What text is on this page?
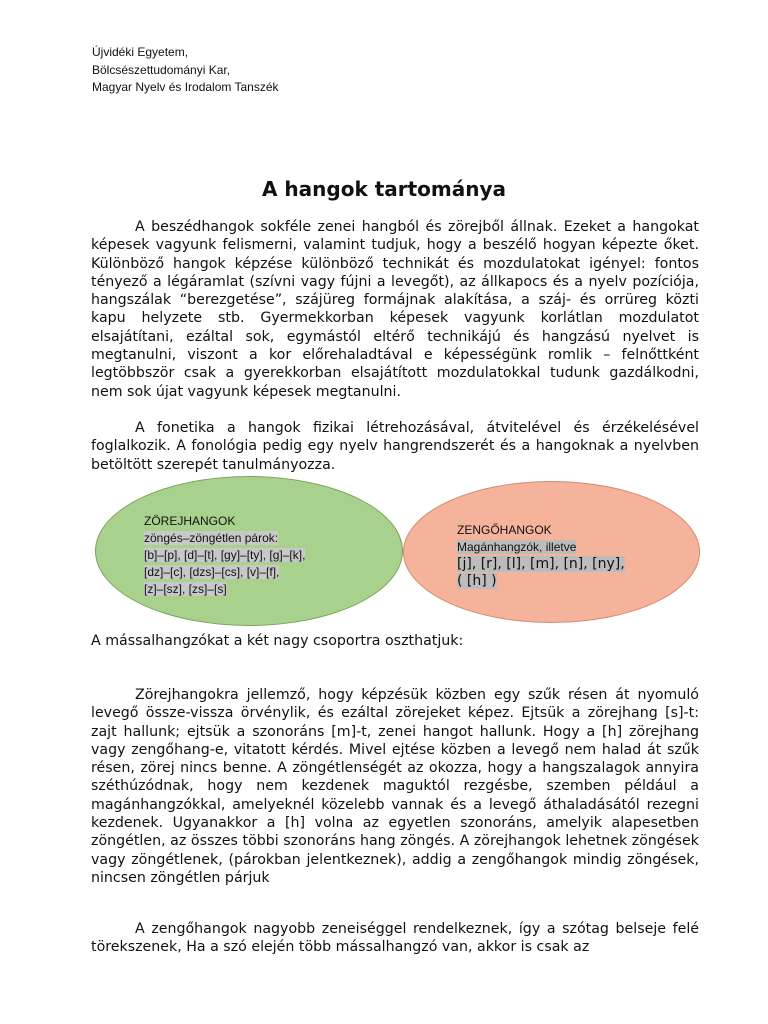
Újvidéki Egyetem,
Bölcsészettudományi Kar,
Magyar Nyelv és Irodalom Tanszék
A hangok tartománya

A beszédhangok sokféle zenei hangból és zörejből állnak. Ezeket a hangokat képesek vagyunk felismerni, valamint tudjuk, hogy a beszélő hogyan képezte őket. Különböző hangok képzése különböző technikát és mozdulatokat igényel: fontos tényező a légáramlat (szívni vagy fújni a levegőt), az állkapocs és a nyelv pozíciója, hangszálak “berezgetése”, szájüreg formájnak alakítása, a száj- és orrüreg közti kapu helyzete stb. Gyermekkorban képesek vagyunk korlátlan mozdulatot elsajátítani, ezáltal sok, egymástól eltérő technikájú és hangzású nyelvet is megtanulni, viszont a kor előrehaladtával e képességünk romlik – felnőttként legtöbbször csak a gyerekkorban elsajátított mozdulatokkal tudunk gazdálkodni, nem sok újat vagyunk képesek megtanulni.

A fonetika a hangok fizikai létrehozásával, átvitelével és érzékelésével foglalkozik. A fonológia pedig egy nyelv hangrendszerét és a hangoknak a nyelvben betöltött szerepét tanulmányozza.

ZÖREJHANGOK
zöngés–zöngétlen párok:
[b]–[p], [d]–[t], [gy]–[ty], [g]–[k],
[dz]–[c], [dzs]–[cs], [v]–[f],
[z]–[sz], [zs]–[s]
ZENGŐHANGOK
Magánhangzók, illetve
[j], [r], [l], [m], [n], [ny],
( [h] )

A mássalhangzókat a két nagy csoportra oszthatjuk:

Zörejhangokra jellemző, hogy képzésük közben egy szűk résen át nyomuló levegő össze-vissza örvénylik, és ezáltal zörejeket képez. Ejtsük a zörejhang [s]-t: zajt hallunk; ejtsük a szonoráns [m]-t, zenei hangot hallunk. Hogy a [h] zörejhang vagy zengőhang-e, vitatott kérdés. Mivel ejtése közben a levegő nem halad át szűk résen, zörej nincs benne. A zöngétlenségét az okozza, hogy a hangszalagok annyira széthúzódnak, hogy nem kezdenek maguktól rezgésbe, szemben például a magánhangzókkal, amelyeknél közelebb vannak és a levegő áthaladásától rezegni kezdenek. Ugyanakkor a [h] volna az egyetlen szonoráns, amelyik alapesetben zöngétlen, az összes többi szonoráns hang zöngés. A zörejhangok lehetnek zöngések vagy zöngétlenek, (párokban jelentkeznek), addig a zengőhangok mindig zöngések, nincsen zöngétlen párjuk

A zengőhangok nagyobb zeneiséggel rendelkeznek, így a szótag belseje felé törekszenek, Ha a szó elején több mássalhangzó van, akkor is csak az
